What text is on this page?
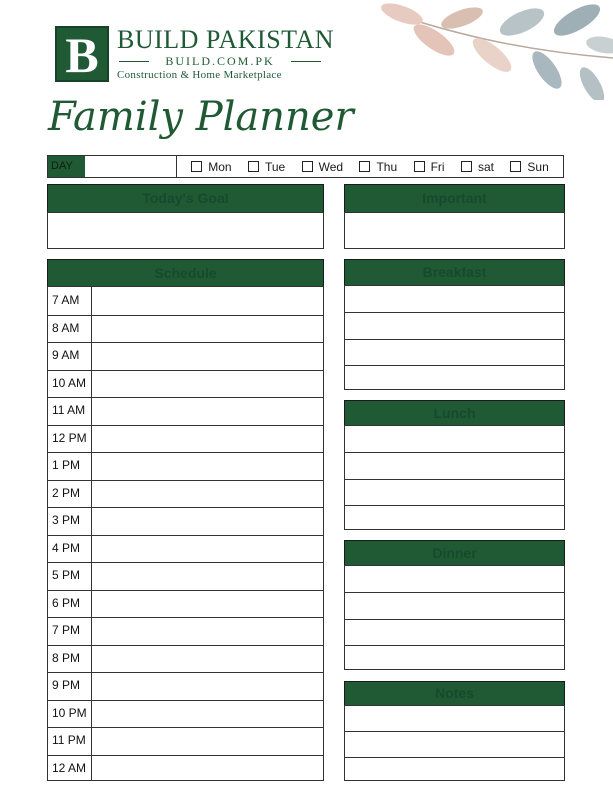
B BUILD PAKISTAN
BUILD.COM.PK
Construction & Home Marketplace
Family Planner
DAY	Mon	Tue	Wed	Thu	Fri	sat	Sun
Today's Goal	Important
Schedule
7 AM
8 AM
9 AM
10 AM
11 AM
12 PM
1 PM
2 PM
3 PM
4 PM
5 PM
6 PM
7 PM
8 PM
9 PM
10 PM
11 PM
12 AM
Breakfast
Lunch
Dinner
Notes
